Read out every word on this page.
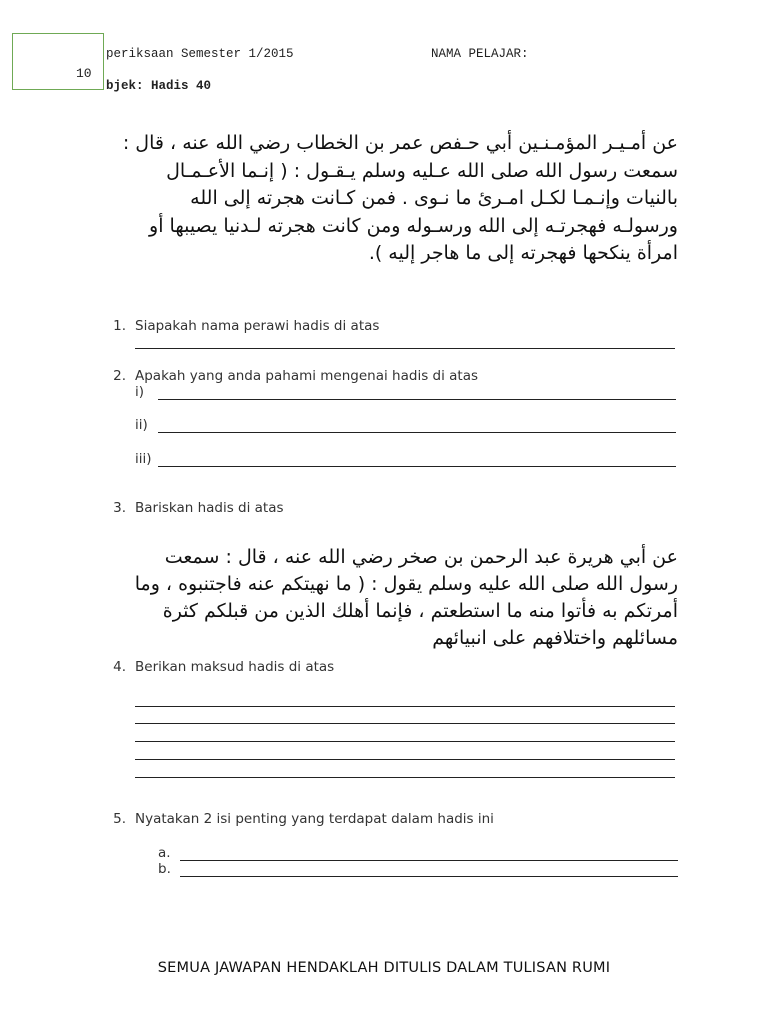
10
periksaan Semester 1/2015	NAMA PELAJAR:
bjek: Hadis 40
عن أمـيـر المؤمـنـين أبي حـفص عمر بن الخطاب رضي الله عنه ، قال :
سمعت رسول الله صلى الله عـليه وسلم يـقـول : ( إنـما الأعـمـال
بالنيات وإنـمـا لكـل امـرئ ما نـوى . فمن كـانت هجرته إلى الله
ورسولـه فهجرتـه إلى الله ورسـوله ومن كانت هجرته لـدنيا يصيبها أو
امرأة ينكحها فهجرته إلى ما هاجر إليه ).
1. Siapakah nama perawi hadis di atas
2. Apakah yang anda pahami mengenai hadis di atas
i)
ii)
iii)
3. Bariskan hadis di atas
عن أبي هريرة عبد الرحمن بن صخر رضي الله عنه ، قال : سمعت
رسول الله صلى الله عليه وسلم يقول : ( ما نهيتكم عنه فاجتنبوه ، وما
أمرتكم به فأتوا منه ما استطعتم ، فإنما أهلك الذين من قبلكم كثرة
مسائلهم واختلافهم على انبيائهم
4. Berikan maksud hadis di atas
5. Nyatakan 2 isi penting yang terdapat dalam hadis ini
a.
b.
SEMUA JAWAPAN HENDAKLAH DITULIS DALAM TULISAN RUMI
